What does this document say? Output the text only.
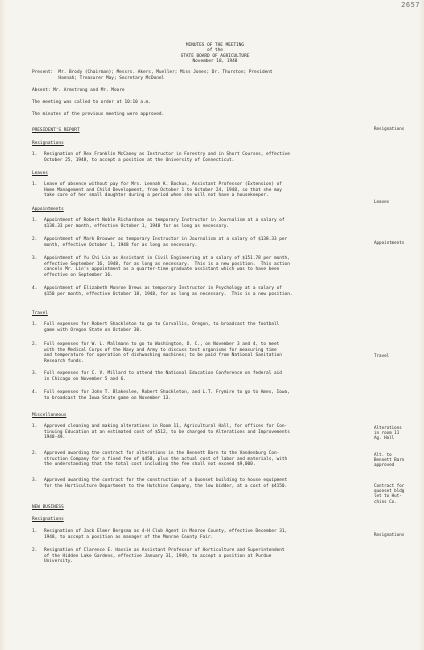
2657
MINUTES OF THE MEETING
of the
STATE BOARD OF AGRICULTURE
November 18, 1948
Present:  Mr. Brody (Chairman); Messrs. Akers, Mueller; Miss Jones; Dr. Thurston; President
Hannah; Treasurer May; Secretary McDonel
Absent: Mr. Armstrong and Mr. Moore
The meeting was called to order at 10:10 a.m.
The minutes of the previous meeting were approved.
PRESIDENT'S REPORT
Resignations
1. Resignation of Rex Franklin McCaney as Instructor in Forestry and in Short Courses, effective
October 25, 1948, to accept a position at the University of Connecticut.
Leaves
1. Leave of absence without pay for Mrs. Lennah K. Backus, Assistant Professor (Extension) of
Home Management and Child Development, from October 1 to October 24, 1948, so that she may
take care of her small daughter during a period when she will not have a housekeeper.
Appointments
1. Appointment of Robert Noble Richardson as temporary Instructor in Journalism at a salary of
$138.33 per month, effective October 1, 1948 for as long as necessary.
2. Appointment of Mark Brouwer as temporary Instructor in Journalism at a salary of $138.33 per
month, effective October 1, 1948 for as long as necessary.
3. Appointment of Yu Chi Lin as Assistant in Civil Engineering at a salary of $151.78 per month,
effective September 16, 1948, for as long as necessary.  This is a new position.  This action
cancels Mr. Lin's appointment as a quarter-time graduate assistant which was to have been
effective on September 16.
4. Appointment of Elizabeth Monroe Drews as temporary Instructor in Psychology at a salary of
$150 per month, effective October 18, 1948, for as long as necessary.  This is a new position.
Travel
1. Full expenses for Robert Shackleton to go to Corvallis, Oregon, to broadcast the football
game with Oregon State on October 30.
2. Full expenses for W. L. Mallmann to go to Washington, D. C., on November 3 and 4, to meet
with the Medical Corps of the Navy and Army to discuss test organisms for measuring time
and temperature for operation of dishwashing machines; to be paid from National Sanitation
Research funds.
3. Full expenses for C. V. Millard to attend the National Education Conference on federal aid
in Chicago on November 5 and 6.
4. Full expenses for John T. Blakeslee, Robert Shackleton, and L.T. Frymire to go to Ames, Iowa,
to broadcast the Iowa State game on November 13.
Miscellaneous
1. Approved cleaning and making alterations in Room 11, Agricultural Hall, for offices for Con-
tinuing Education at an estimated cost of $512, to be charged to Alterations and Improvements
1948-49.
2. Approved awarding the contract for alterations in the Bennett Barn to the Vandenburg Con-
struction Company for a fixed fee of $450, plus the actual cost of labor and materials, with
the understanding that the total cost including the fee shall not exceed $9,000.
3. Approved awarding the contract for the construction of a Quonset building to house equipment
for the Horticulture Department to the Hutchins Company, the low bidder, at a cost of $4150.
NEW BUSINESS
Resignations
1. Resignation of Jack Elmer Bergsma as 4-H Club Agent in Monroe County, effective December 31,
1948, to accept a position as manager of the Monroe County Fair.
2. Resignation of Clarence E. Hassie as Assistant Professor of Horticulture and Superintendent
of the Hidden Lake Gardens, effective January 31, 1949, to accept a position at Purdue
University.
Resignations
Leaves
Appointments
Travel
Alterations
in room 11
Ag. Hall
Alt. to
Bennett Barn
approved
Contract for
quonset bldg
let to Hut-
chins Co.
Resignations
